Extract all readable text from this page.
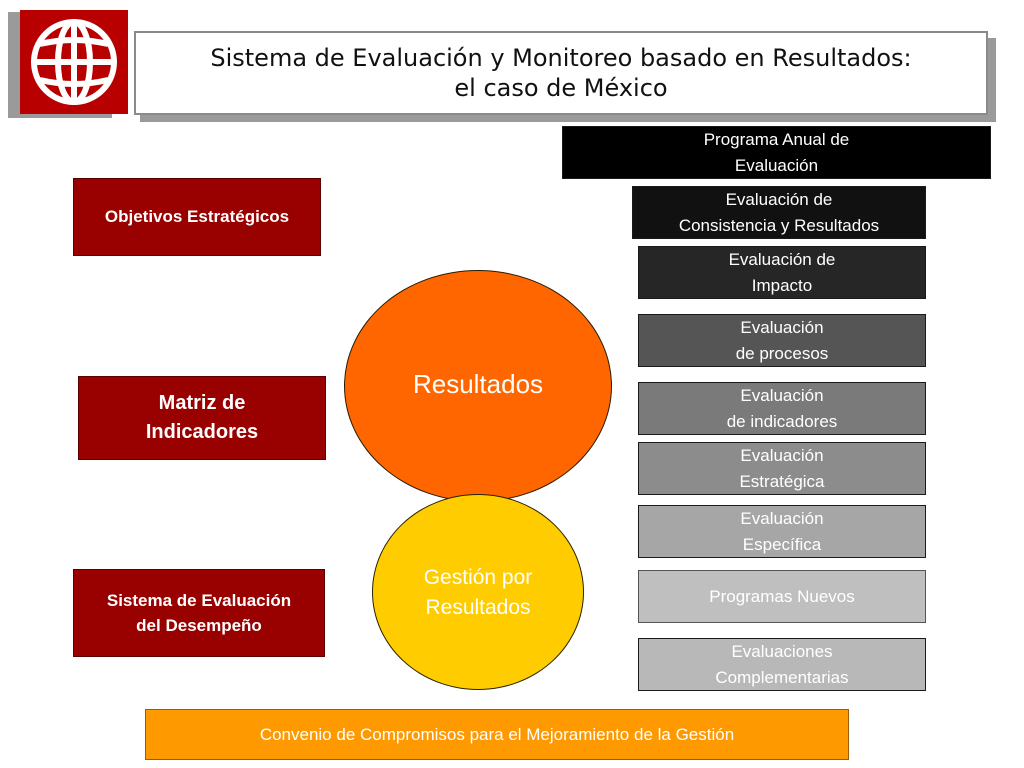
Sistema de Evaluación y Monitoreo basado en Resultados:
el caso de México
Objetivos Estratégicos
Matriz de
Indicadores
Sistema de Evaluación
del Desempeño
Resultados
Gestión por
Resultados
Programa Anual de
Evaluación
Evaluación de
Consistencia y Resultados
Evaluación de
Impacto
Evaluación
de procesos
Evaluación
de indicadores
Evaluación
Estratégica
Evaluación
Específica
Programas Nuevos
Evaluaciones
Complementarias
Convenio de Compromisos para el Mejoramiento de la Gestión
